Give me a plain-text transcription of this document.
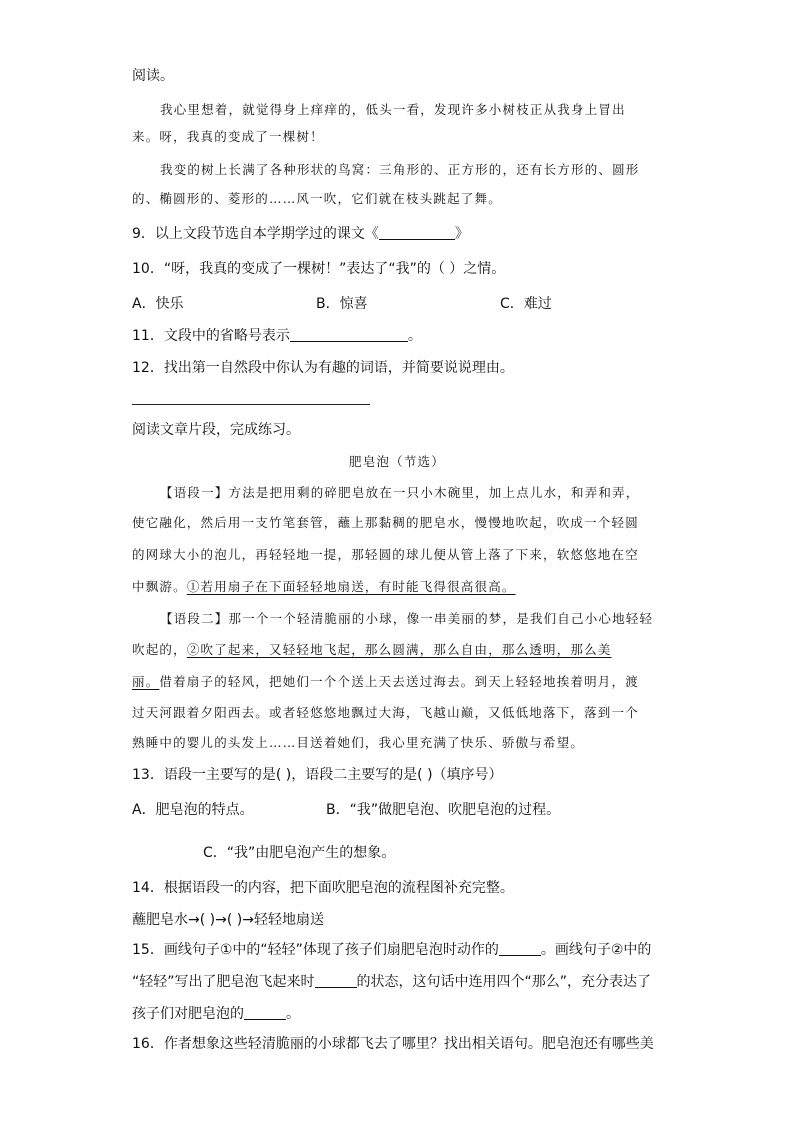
阅读。
我心里想着，就觉得身上痒痒的，低头一看，发现许多小树枝正从我身上冒出
来。呀，我真的变成了一棵树！
我变的树上长满了各种形状的鸟窝：三角形的、正方形的，还有长方形的、圆形
的、椭圆形的、菱形的……风一吹，它们就在枝头跳起了舞。
9．以上文段节选自本学期学过的课文《	》
10．“呀，我真的变成了一棵树！”表达了“我”的（ ）之情。
A．快乐	B．惊喜	C．难过
11．文段中的省略号表示	。
12．找出第一自然段中你认为有趣的词语，并简要说说理由。
阅读文章片段，完成练习。
肥皂泡（节选）
【语段一】方法是把用剩的碎肥皂放在一只小木碗里，加上点儿水，和弄和弄，
使它融化，然后用一支竹笔套管，蘸上那黏稠的肥皂水，慢慢地吹起，吹成一个轻圆
的网球大小的泡儿，再轻轻地一提，那轻圆的球儿便从管上落了下来，软悠悠地在空
中飘游。①若用扇子在下面轻轻地扇送，有时能飞得很高很高。
【语段二】那一个一个轻清脆丽的小球，像一串美丽的梦，是我们自己小心地轻轻
吹起的，②吹了起来，又轻轻地飞起，那么圆满，那么自由，那么透明，那么美
丽。借着扇子的轻风，把她们一个个送上天去送过海去。到天上轻轻地挨着明月，渡
过天河跟着夕阳西去。或者轻悠悠地飘过大海，飞越山巅，又低低地落下，落到一个
熟睡中的婴儿的头发上……目送着她们，我心里充满了快乐、骄傲与希望。
13．语段一主要写的是( )，语段二主要写的是( )（填序号）
A．肥皂泡的特点。	B．“我”做肥皂泡、吹肥皂泡的过程。
C．“我”由肥皂泡产生的想象。
14．根据语段一的内容，把下面吹肥皂泡的流程图补充完整。
蘸肥皂水→( )→( )→轻轻地扇送
15．画线句子①中的“轻轻”体现了孩子们扇肥皂泡时动作的	。画线句子②中的
“轻轻”写出了肥皂泡飞起来时	的状态，这句话中连用四个“那么”，充分表达了
孩子们对肥皂泡的	。
16．作者想象这些轻清脆丽的小球都飞去了哪里？找出相关语句。肥皂泡还有哪些美
